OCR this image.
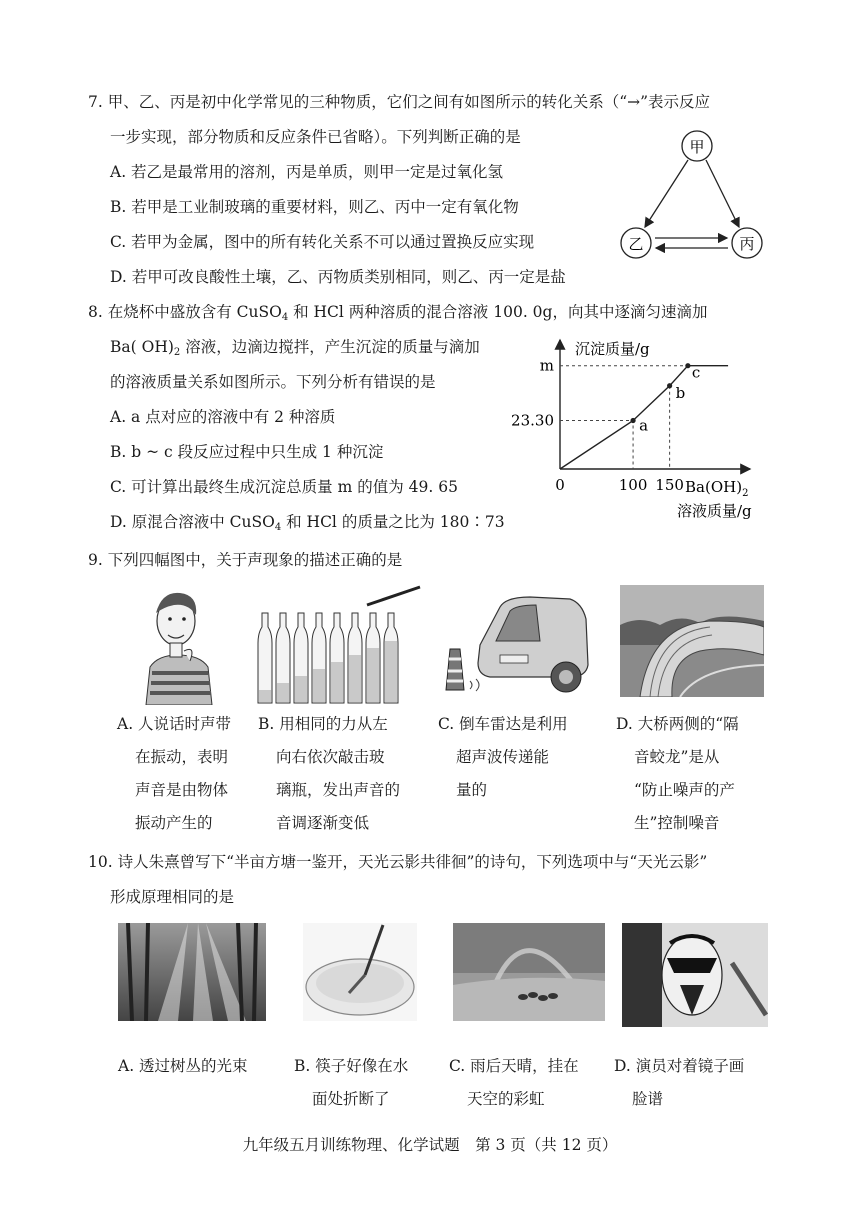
7. 甲、乙、丙是初中化学常见的三种物质，它们之间有如图所示的转化关系（“→”表示反应
一步实现，部分物质和反应条件已省略）。下列判断正确的是
A. 若乙是最常用的溶剂，丙是单质，则甲一定是过氧化氢
B. 若甲是工业制玻璃的重要材料，则乙、丙中一定有氧化物
C. 若甲为金属，图中的所有转化关系不可以通过置换反应实现
D. 若甲可改良酸性土壤，乙、丙物质类别相同，则乙、丙一定是盐
甲
乙	丙
8. 在烧杯中盛放含有 CuSO4 和 HCl 两种溶质的混合溶液 100. 0g，向其中逐滴匀速滴加
Ba( OH)2 溶液，边滴边搅拌，产生沉淀的质量与滴加
的溶液质量关系如图所示。下列分析有错误的是
A. a 点对应的溶液中有 2 种溶质
B. b ~ c 段反应过程中只生成 1 种沉淀
C. 可计算出最终生成沉淀总质量 m 的值为 49. 65
D. 原混合溶液中 CuSO4 和 HCl 的质量之比为 180∶73
沉淀质量/g
$Ba(OH)_2$
溶液质量/g
a
b
c
0	100 150
23.30
m
9. 下列四幅图中，关于声现象的描述正确的是
A. 人说话时声带
在振动，表明
声音是由物体
振动产生的
B. 用相同的力从左
向右依次敲击玻
璃瓶，发出声音的
音调逐渐变低
C. 倒车雷达是利用
超声波传递能
量的
D. 大桥两侧的“隔
音蛟龙”是从
“防止噪声的产
生”控制噪音
10. 诗人朱熹曾写下“半亩方塘一鉴开，天光云影共徘徊”的诗句，下列选项中与“天光云影”
形成原理相同的是
A. 透过树丛的光束	B. 筷子好像在水
面处折断了
C. 雨后天晴，挂在
天空的彩虹
D. 演员对着镜子画
脸谱
九年级五月训练物理、化学试题　第 3 页（共 12 页）
